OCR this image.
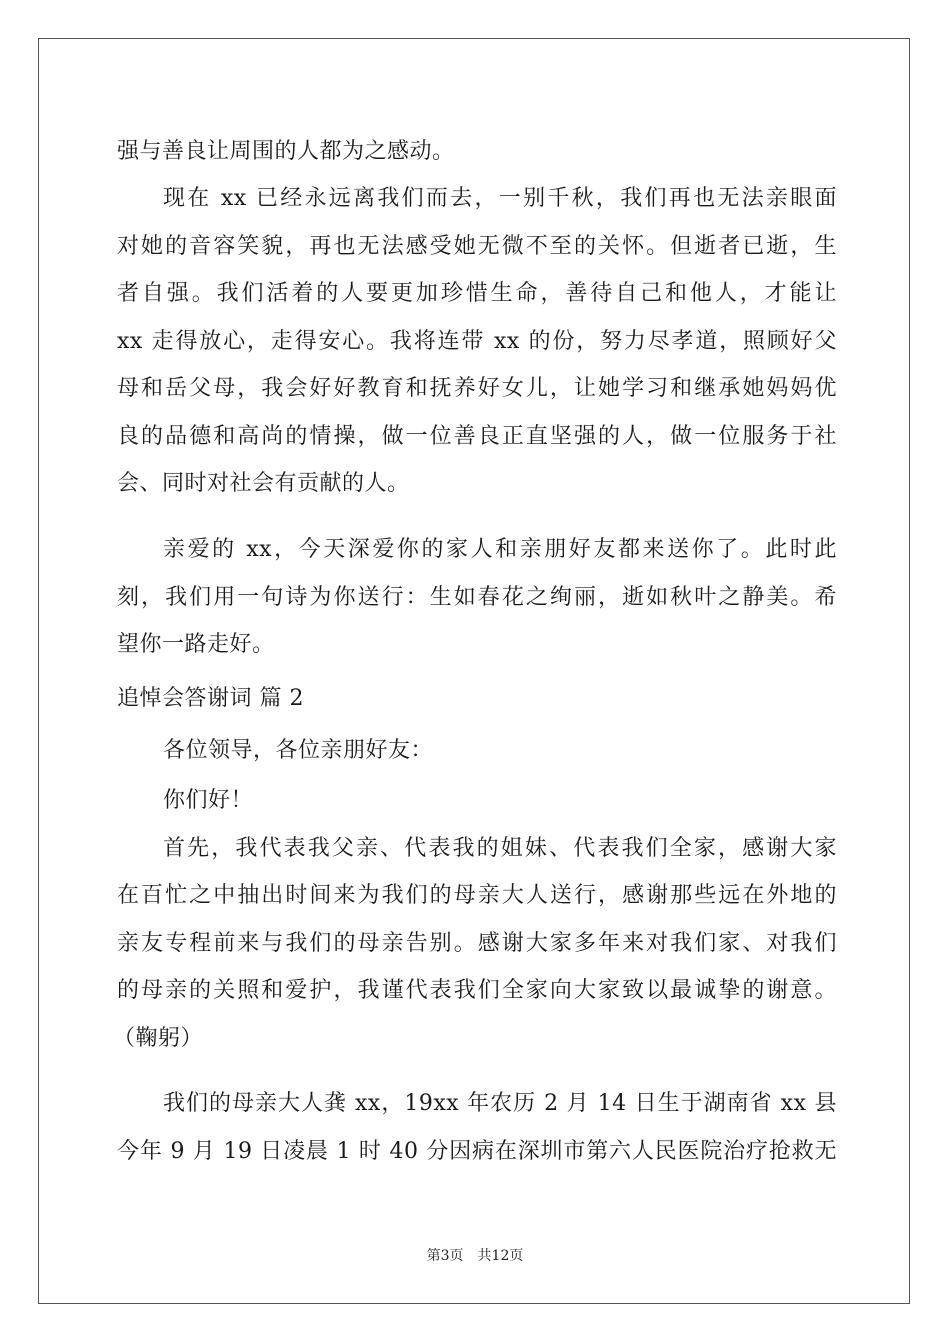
强与善良让周围的人都为之感动。
现在 xx 已经永远离我们而去，一别千秋，我们再也无法亲眼面
对她的音容笑貌，再也无法感受她无微不至的关怀。但逝者已逝，生
者自强。我们活着的人要更加珍惜生命，善待自己和他人，才能让
xx 走得放心，走得安心。我将连带 xx 的份，努力尽孝道，照顾好父
母和岳父母，我会好好教育和抚养好女儿，让她学习和继承她妈妈优
良的品德和高尚的情操，做一位善良正直坚强的人，做一位服务于社
会、同时对社会有贡献的人。
亲爱的 xx，今天深爱你的家人和亲朋好友都来送你了。此时此
刻，我们用一句诗为你送行：生如春花之绚丽，逝如秋叶之静美。希
望你一路走好。
追悼会答谢词 篇 2
各位领导，各位亲朋好友：
你们好！
首先，我代表我父亲、代表我的姐妹、代表我们全家，感谢大家
在百忙之中抽出时间来为我们的母亲大人送行，感谢那些远在外地的
亲友专程前来与我们的母亲告别。感谢大家多年来对我们家、对我们
的母亲的关照和爱护，我谨代表我们全家向大家致以最诚挚的谢意。
（鞠躬）
我们的母亲大人龚 xx，19xx 年农历 2 月 14 日生于湖南省 xx 县
今年 9 月 19 日凌晨 1 时 40 分因病在深圳市第六人民医院治疗抢救无
第3页　共12页
